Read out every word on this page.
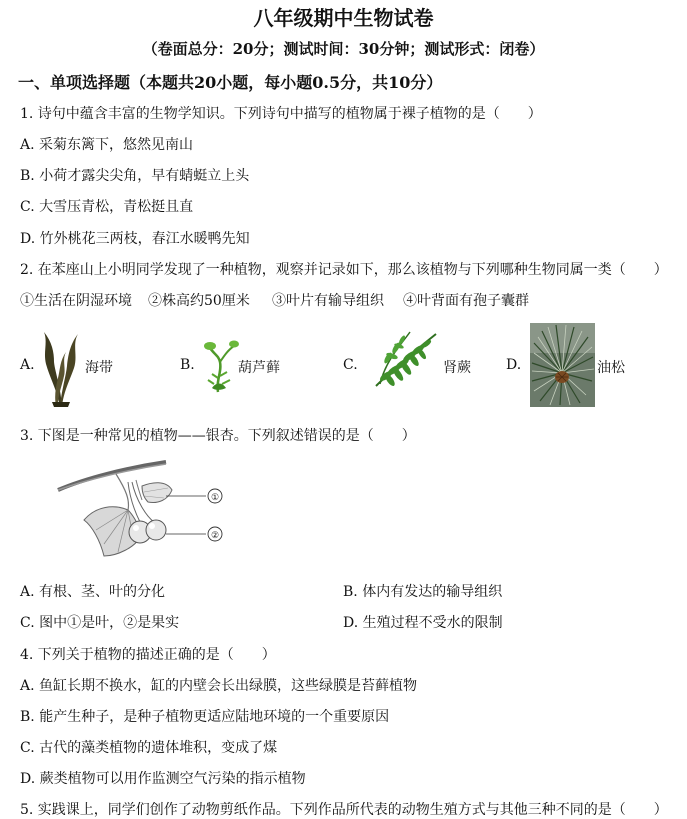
八年级期中生物试卷
（卷面总分：20分；测试时间：30分钟；测试形式：闭卷）
一、单项选择题（本题共20小题，每小题0.5分，共10分）
1. 诗句中蕴含丰富的生物学知识。下列诗句中描写的植物属于裸子植物的是（　　）
A. 采菊东篱下，悠然见南山
B. 小荷才露尖尖角，早有蜻蜓立上头
C. 大雪压青松，青松挺且直
D. 竹外桃花三两枝，春江水暖鸭先知
2. 在苯座山上小明同学发现了一种植物，观察并记录如下，那么该植物与下列哪种生物同属一类（　　）
①生活在阴湿环境 ②株高约50厘米 ③叶片有输导组织 ④叶背面有孢子囊群
A.	海带	B.	葫芦藓	C.	肾蕨	D.	油松
3. 下图是一种常见的植物——银杏。下列叙述错误的是（　　）
①
②
A. 有根、茎、叶的分化	B. 体内有发达的输导组织
C. 图中①是叶，②是果实	D. 生殖过程不受水的限制
4. 下列关于植物的描述正确的是（　　）
A. 鱼缸长期不换水，缸的内壁会长出绿膜，这些绿膜是苔藓植物
B. 能产生种子，是种子植物更适应陆地环境的一个重要原因
C. 古代的藻类植物的遗体堆积，变成了煤
D. 蕨类植物可以用作监测空气污染的指示植物
5. 实践课上，同学们创作了动物剪纸作品。下列作品所代表的动物生殖方式与其他三种不同的是（　　）
